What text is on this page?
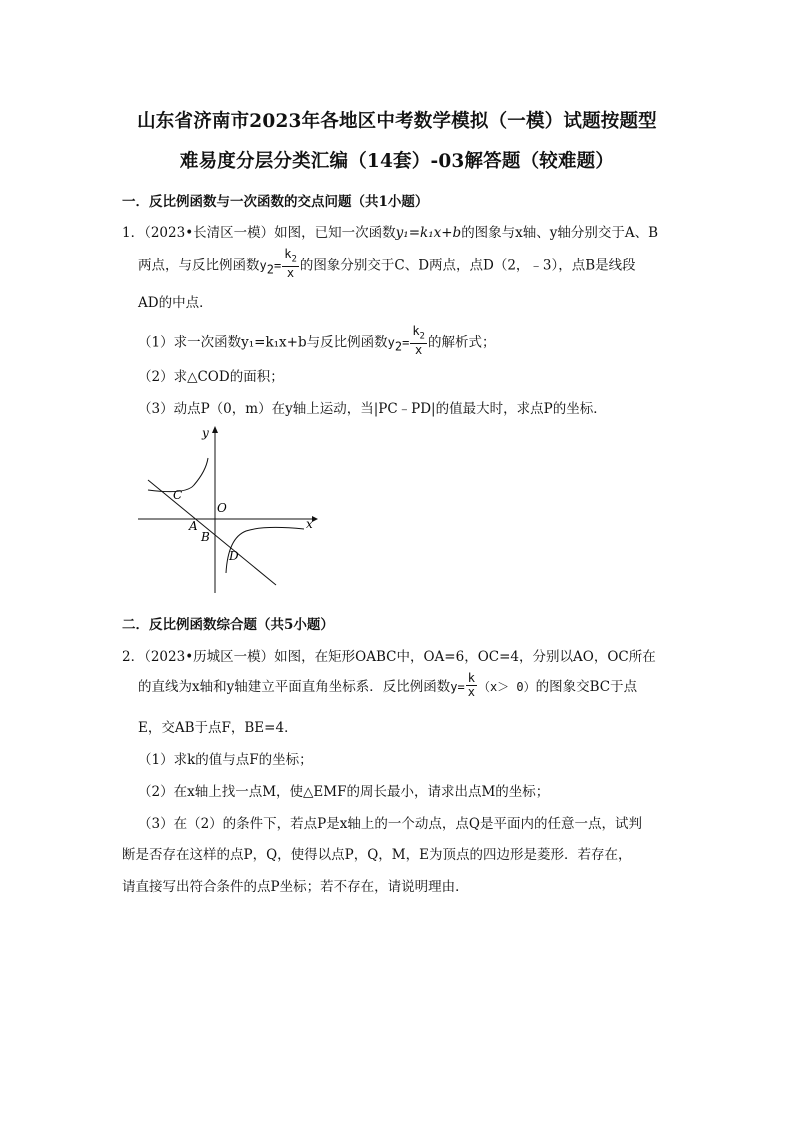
山东省济南市2023年各地区中考数学模拟（一模）试题按题型
难易度分层分类汇编（14套）-03解答题（较难题）
一．反比例函数与一次函数的交点问题（共1小题）
1．（2023•长清区一模）如图，已知一次函数y₁=k₁x+b的图象与x轴、y轴分别交于A、B
两点，与反比例函数$y_2= \frac{k_2}{x}$ 的图象分别交于C、D两点，点D（2，﹣3），点B是线段
AD的中点．
（1）求一次函数y₁=k₁x+b与反比例函数$y_2= \frac{k_2}{x}$ 的解析式；
（2）求△COD的面积；
（3）动点P（0，m）在y轴上运动，当|PC﹣PD|的值最大时，求点P的坐标．
y
x
O
C
A
B
D
二．反比例函数综合题（共5小题）
2．（2023•历城区一模）如图，在矩形OABC中，OA=6，OC=4，分别以AO，OC所在
的直线为x轴和y轴建立平面直角坐标系．反比例函数$y= \frac{k}{x} (x> 0)$的图象交BC于点
E，交AB于点F，BE=4．
（1）求k的值与点F的坐标；
（2）在x轴上找一点M，使△EMF的周长最小，请求出点M的坐标；
（3）在（2）的条件下，若点P是x轴上的一个动点，点Q是平面内的任意一点，试判
断是否存在这样的点P，Q，使得以点P，Q，M，E为顶点的四边形是菱形．若存在，
请直接写出符合条件的点P坐标；若不存在，请说明理由．
